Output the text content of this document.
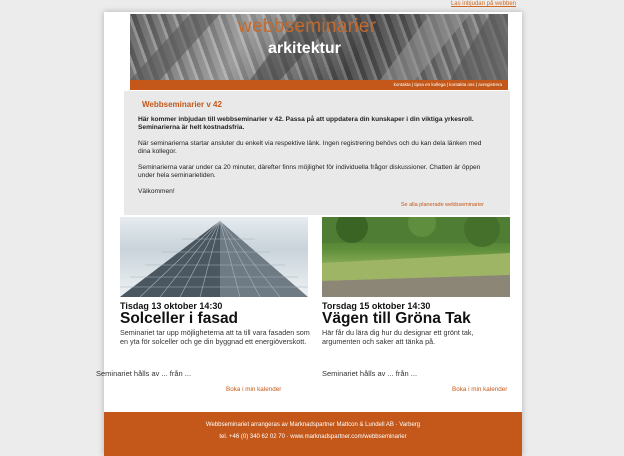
Las inbjudan på webben
webbseminarier
arkitektur
kontakta | tipsa en kollega | kontakta oss | avregistrera
Webbseminarier v 42
Här kommer inbjudan till webbseminarier v 42. Passa på att uppdatera din kunskaper i din viktiga yrkesroll. Seminarierna är helt kostnadsfria.
När seminarierna startar ansluter du enkelt via respektive länk. Ingen registrering behövs och du kan dela länken med dina kollegor.
Seminarierna varar under ca 20 minuter, därefter finns möjlighet för individuella frågor diskussioner. Chatten är öppen under hela seminarietiden.
Välkommen!
Se alla planerade webbseminarier
Tisdag 13 oktober 14:30
Solceller i fasad
Seminariet tar upp möjligheterna att ta till vara fasaden som en yta för solceller och ge din byggnad ett energiöverskott.
Seminariet hålls av ... från ...
Boka i min kalender
Torsdag 15 oktober 14:30
Vägen till Gröna Tak
Här får du lära dig hur du designar ett grönt tak, argumenten och saker att tänka på.
Seminariet hålls av ... från ...
Boka i min kalender
Webbseminariet arrangeras av Marknadspartner Mattcon & Lundell AB · Varberg
tel. +46 (0) 340 62 02 70 · www.marknadspartner.com/webbseminarier
